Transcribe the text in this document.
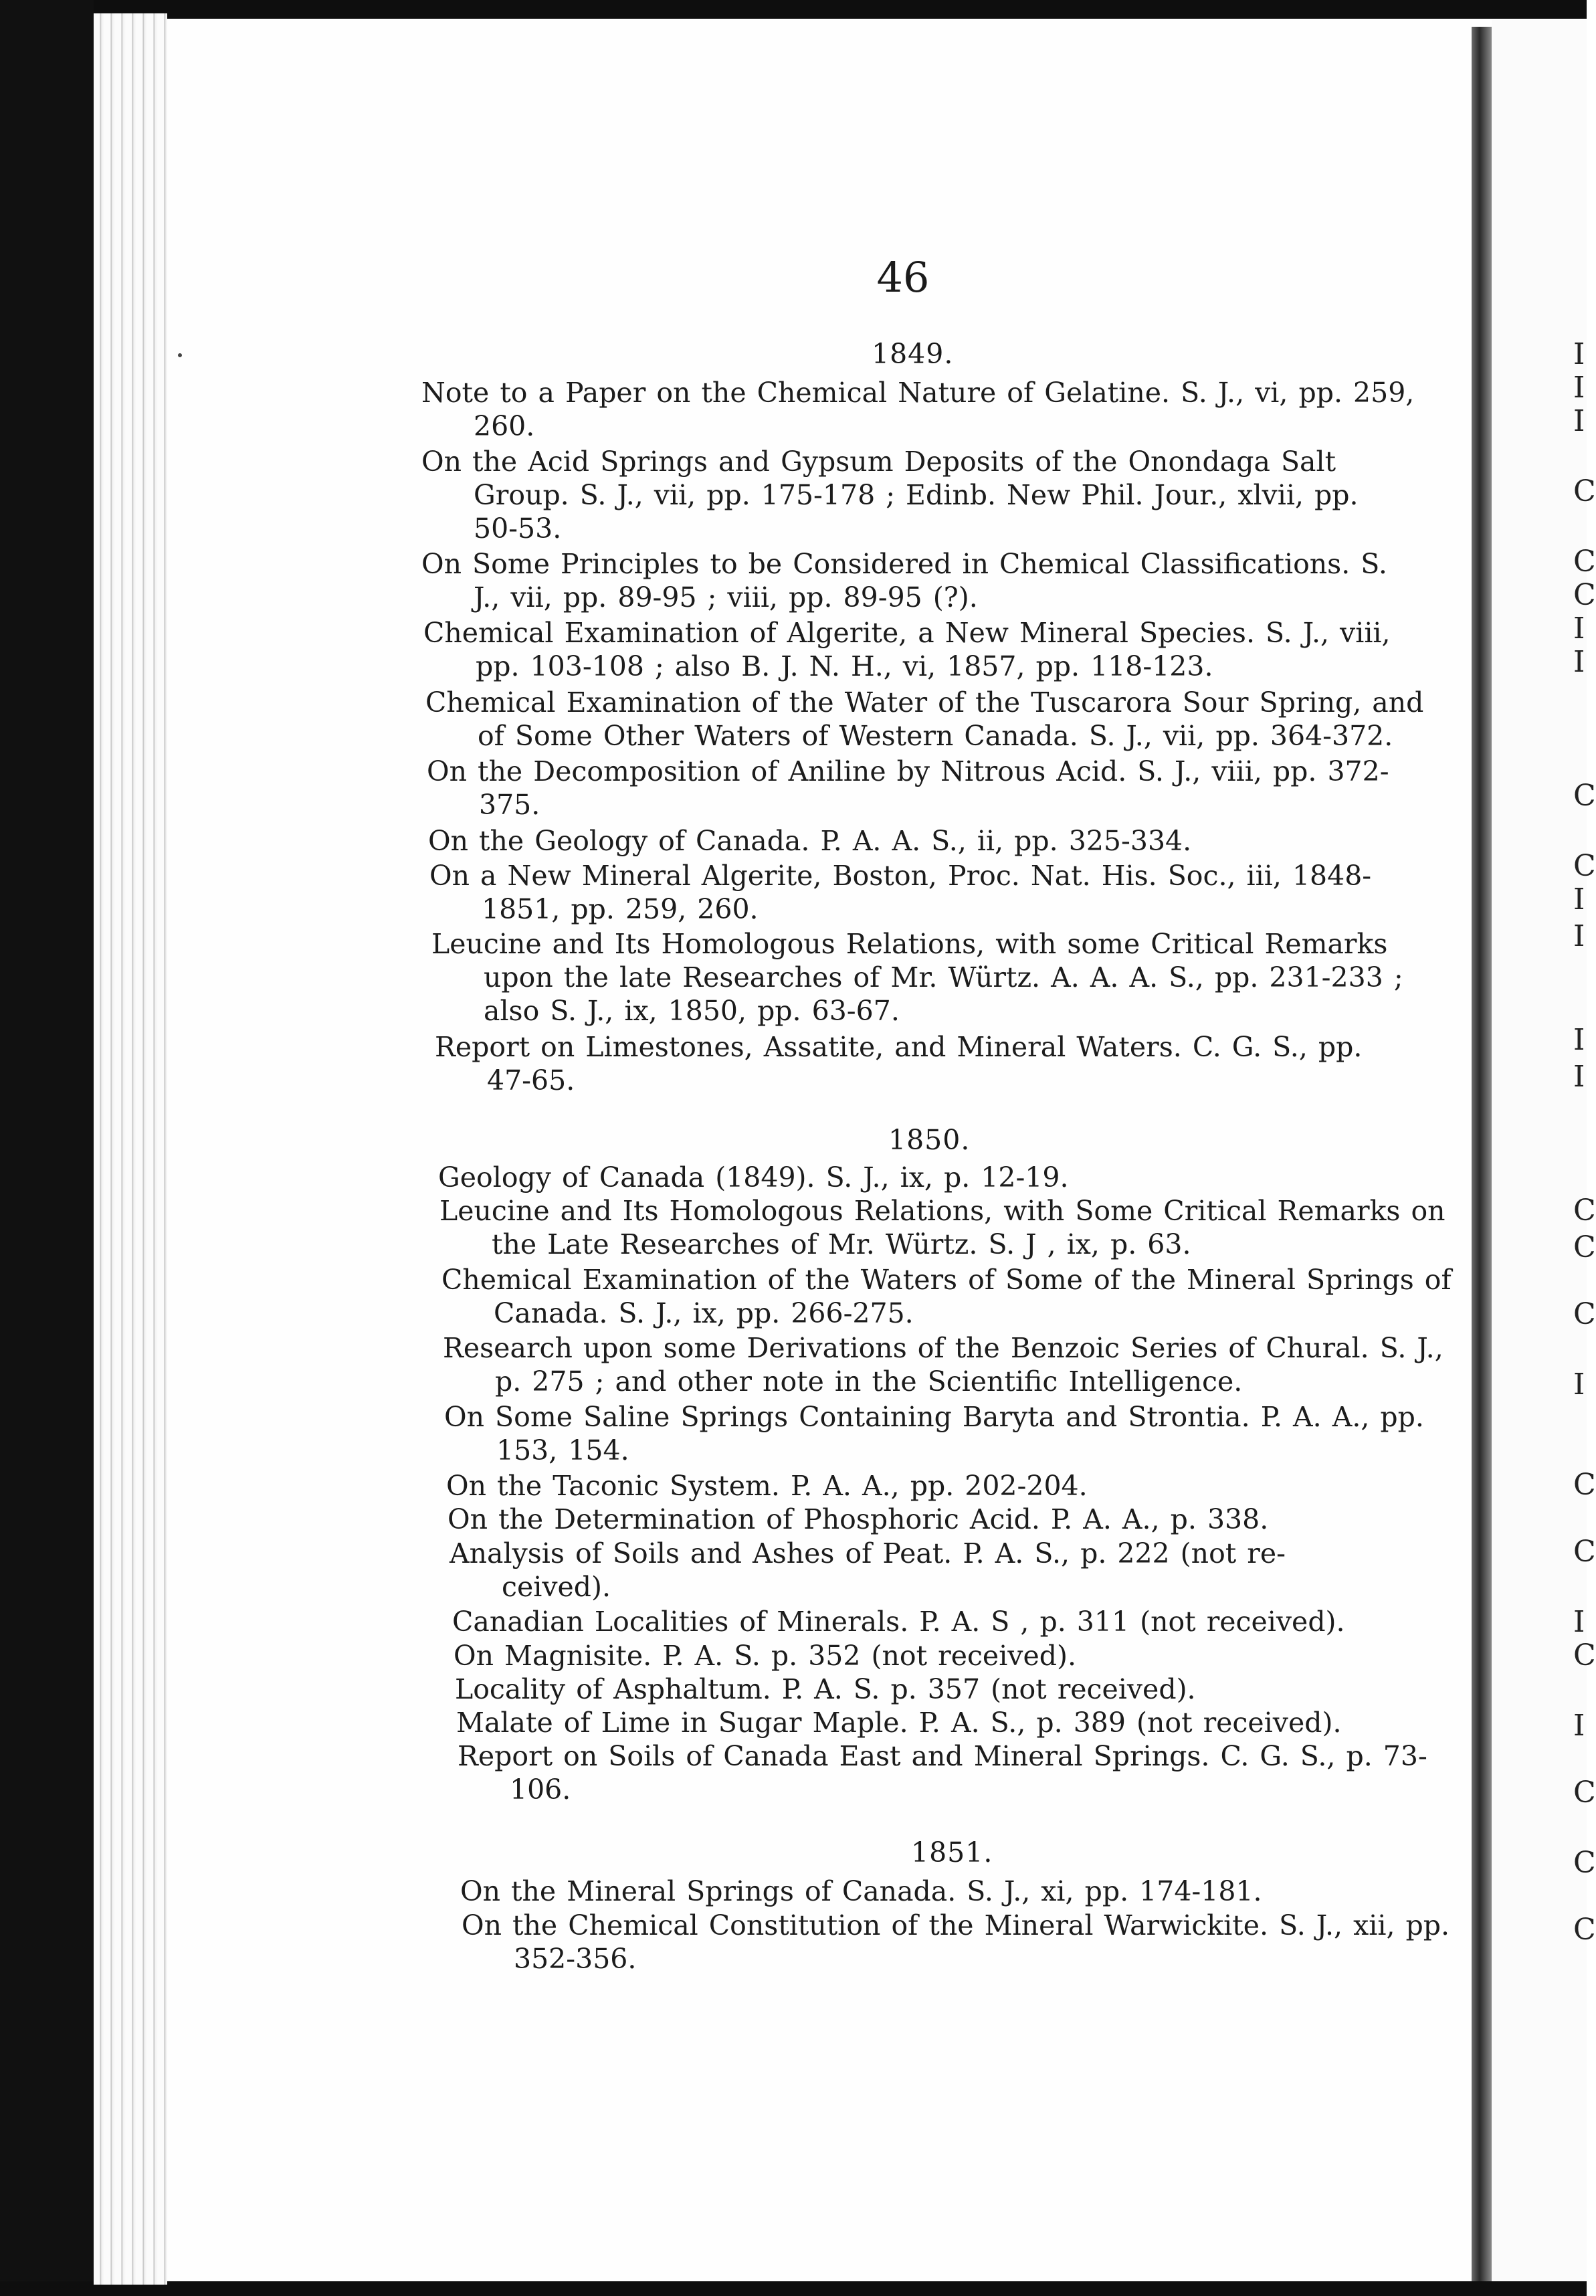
46
1849.
Note to a Paper on the Chemical Nature of Gelatine. S. J., vi, pp. 259,
260.
On the Acid Springs and Gypsum Deposits of the Onondaga Salt
Group. S. J., vii, pp. 175-178 ; Edinb. New Phil. Jour., xlvii, pp.
50-53.
On Some Principles to be Considered in Chemical Classifications. S.
J., vii, pp. 89-95 ; viii, pp. 89-95 (?).
Chemical Examination of Algerite, a New Mineral Species. S. J., viii,
pp. 103-108 ; also B. J. N. H., vi, 1857, pp. 118-123.
Chemical Examination of the Water of the Tuscarora Sour Spring, and
of Some Other Waters of Western Canada. S. J., vii, pp. 364-372.
On the Decomposition of Aniline by Nitrous Acid. S. J., viii, pp. 372-
375.
On the Geology of Canada. P. A. A. S., ii, pp. 325-334.
On a New Mineral Algerite, Boston, Proc. Nat. His. Soc., iii, 1848-
1851, pp. 259, 260.
Leucine and Its Homologous Relations, with some Critical Remarks
upon the late Researches of Mr. Würtz. A. A. A. S., pp. 231-233 ;
also S. J., ix, 1850, pp. 63-67.
Report on Limestones, Assatite, and Mineral Waters. C. G. S., pp.
47-65.
1850.
Geology of Canada (1849). S. J., ix, p. 12-19.
Leucine and Its Homologous Relations, with Some Critical Remarks on
the Late Researches of Mr. Würtz. S. J , ix, p. 63.
Chemical Examination of the Waters of Some of the Mineral Springs of
Canada. S. J., ix, pp. 266-275.
Research upon some Derivations of the Benzoic Series of Chural. S. J.,
p. 275 ; and other note in the Scientific Intelligence.
On Some Saline Springs Containing Baryta and Strontia. P. A. A., pp.
153, 154.
On the Taconic System. P. A. A., pp. 202-204.
On the Determination of Phosphoric Acid. P. A. A., p. 338.
Analysis of Soils and Ashes of Peat. P. A. S., p. 222 (not re-
ceived).
Canadian Localities of Minerals. P. A. S , p. 311 (not received).
On Magnisite. P. A. S. p. 352 (not received).
Locality of Asphaltum. P. A. S. p. 357 (not received).
Malate of Lime in Sugar Maple. P. A. S., p. 389 (not received).
Report on Soils of Canada East and Mineral Springs. C. G. S., p. 73-
106.
1851.
On the Mineral Springs of Canada. S. J., xi, pp. 174-181.
On the Chemical Constitution of the Mineral Warwickite. S. J., xii, pp.
352-356.
I
I
I
C
C
C
I
I
C
C
I
I
I
I
C
C
C
I
C
C
I
C
I
C
C
C
